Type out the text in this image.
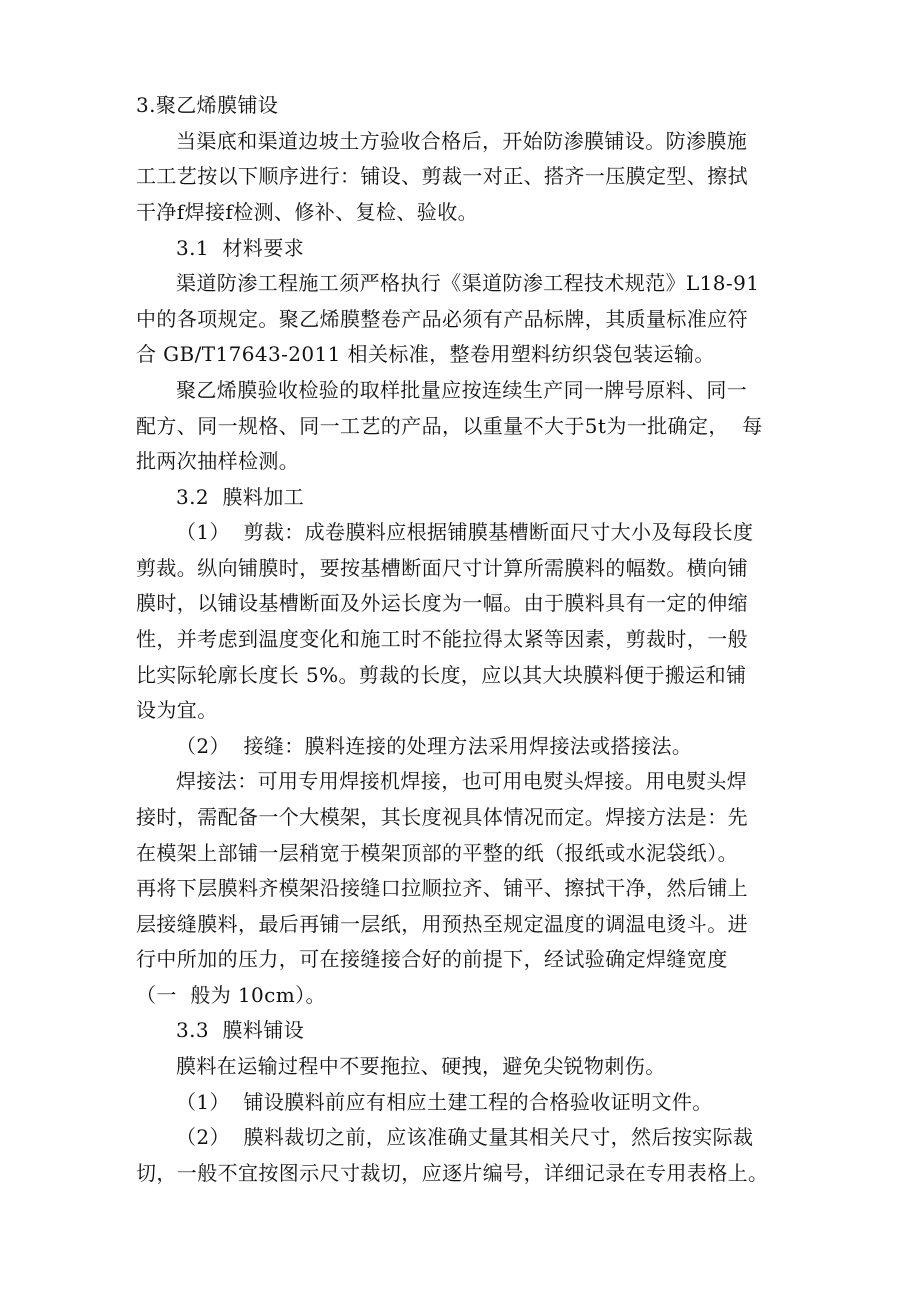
3.聚乙烯膜铺设
当渠底和渠道边坡土方验收合格后，开始防渗膜铺设。防渗膜施
工工艺按以下顺序进行：铺设、剪裁一对正、搭齐一压膜定型、擦拭
干净f焊接f检测、修补、复检、验收。
3.1  材料要求
渠道防渗工程施工须严格执行《渠道防渗工程技术规范》L18-91
中的各项规定。聚乙烯膜整卷产品必须有产品标牌，其质量标准应符
合 GB/T17643-2011 相关标准，整卷用塑料纺织袋包装运输。
聚乙烯膜验收检验的取样批量应按连续生产同一牌号原料、同一
配方、同一规格、同一工艺的产品，以重量不大于5t为一批确定，  每
批两次抽样检测。
3.2  膜料加工
（1）  剪裁：成卷膜料应根据铺膜基槽断面尺寸大小及每段长度
剪裁。纵向铺膜时，要按基槽断面尺寸计算所需膜料的幅数。横向铺
膜时，以铺设基槽断面及外运长度为一幅。由于膜料具有一定的伸缩
性，并考虑到温度变化和施工时不能拉得太紧等因素，剪裁时，一般
比实际轮廓长度长 5%。剪裁的长度，应以其大块膜料便于搬运和铺
设为宜。
（2）  接缝：膜料连接的处理方法采用焊接法或搭接法。
焊接法：可用专用焊接机焊接，也可用电熨头焊接。用电熨头焊
接时，需配备一个大模架，其长度视具体情况而定。焊接方法是：先
在模架上部铺一层稍宽于模架顶部的平整的纸（报纸或水泥袋纸）。
再将下层膜料齐模架沿接缝口拉顺拉齐、铺平、擦拭干净，然后铺上
层接缝膜料，最后再铺一层纸，用预热至规定温度的调温电烫斗。进
行中所加的压力，可在接缝接合好的前提下，经试验确定焊缝宽度
（一  般为 10cm）。
3.3  膜料铺设
膜料在运输过程中不要拖拉、硬拽，避免尖锐物刺伤。
（1）  铺设膜料前应有相应土建工程的合格验收证明文件。
（2）  膜料裁切之前，应该准确丈量其相关尺寸，然后按实际裁
切，一般不宜按图示尺寸裁切，应逐片编号，详细记录在专用表格上。
